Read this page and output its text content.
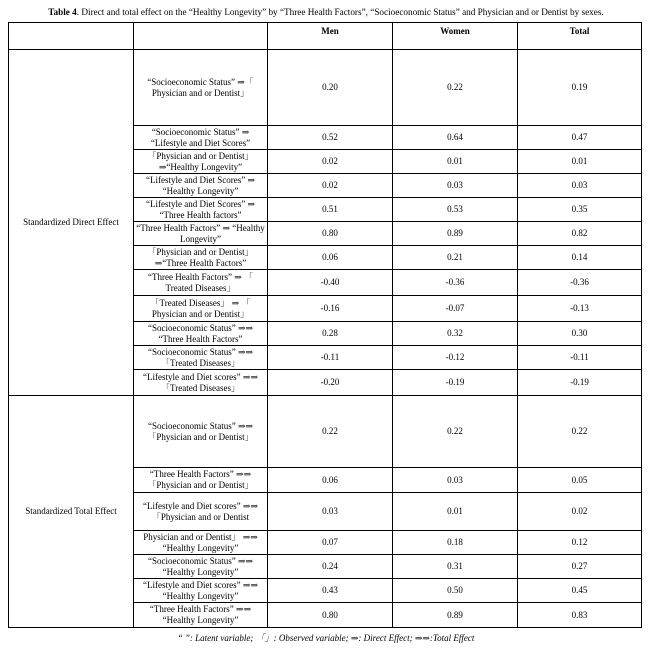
Table 4. Direct and total effect on the “Healthy Longevity” by “Three Health Factors”, “Socioeconomic Status” and Physician and or Dentist by sexes.
		Men	Women	Total
Standardized Direct Effect	“Socioeconomic Status” ⇒「 Physician and or Dentist」	0.20	0.22	0.19
	“Socioeconomic Status” ⇒ “Lifestyle and Diet Scores”	0.52	0.64	0.47
	「Physician and or Dentist」 ⇒“Healthy Longevity”	0.02	0.01	0.01
	“Lifestyle and Diet Scores” ⇒ “Healthy Longevity”	0.02	0.03	0.03
	“Lifestyle and Diet Scores” ⇒ “Three Health factors”	0.51	0.53	0.35
	“Three Health Factors” ⇒ “Healthy Longevity”	0.80	0.89	0.82
	「Physician and or Dentist」 ⇒“Three Health Factors”	0.06	0.21	0.14
	“Three Health Factors” ⇒ 「 Treated Diseases」	-0.40	-0.36	-0.36
	「Treated Diseases」 ⇒ 「 Physician and or Dentist」	-0.16	-0.07	-0.13
	“Socioeconomic Status” ⇒⇒ “Three Health Factors”	0.28	0.32	0.30
	“Socioeconomic Status” ⇒⇒ 「Treated Diseases」	-0.11	-0.12	-0.11
	“Lifestyle and Diet scores” ⇒⇒ 「Treated Diseases」	-0.20	-0.19	-0.19
Standardized Total Effect	“Socioeconomic Status” ⇒⇒ 「Physician and or Dentist」	0.22	0.22	0.22
	“Three Health Factors” ⇒⇒ 「Physician and or Dentist」	0.06	0.03	0.05
	“Lifestyle and Diet scores” ⇒⇒ 「Physician and or Dentist	0.03	0.01	0.02
	Physician and or Dentist」 ⇒⇒ “Healthy Longevity”	0.07	0.18	0.12
	“Socioeconomic Status” ⇒⇒ “Healthy Longevity”	0.24	0.31	0.27
	“Lifestyle and Diet scores” ⇒⇒ “Healthy Longevity”	0.43	0.50	0.45
	“Three Health Factors” ⇒⇒ “Healthy Longevity”	0.80	0.89	0.83
“ ”: Latent variable; 「」: Observed variable; ⇒: Direct Effect; ⇒⇒:Total Effect
